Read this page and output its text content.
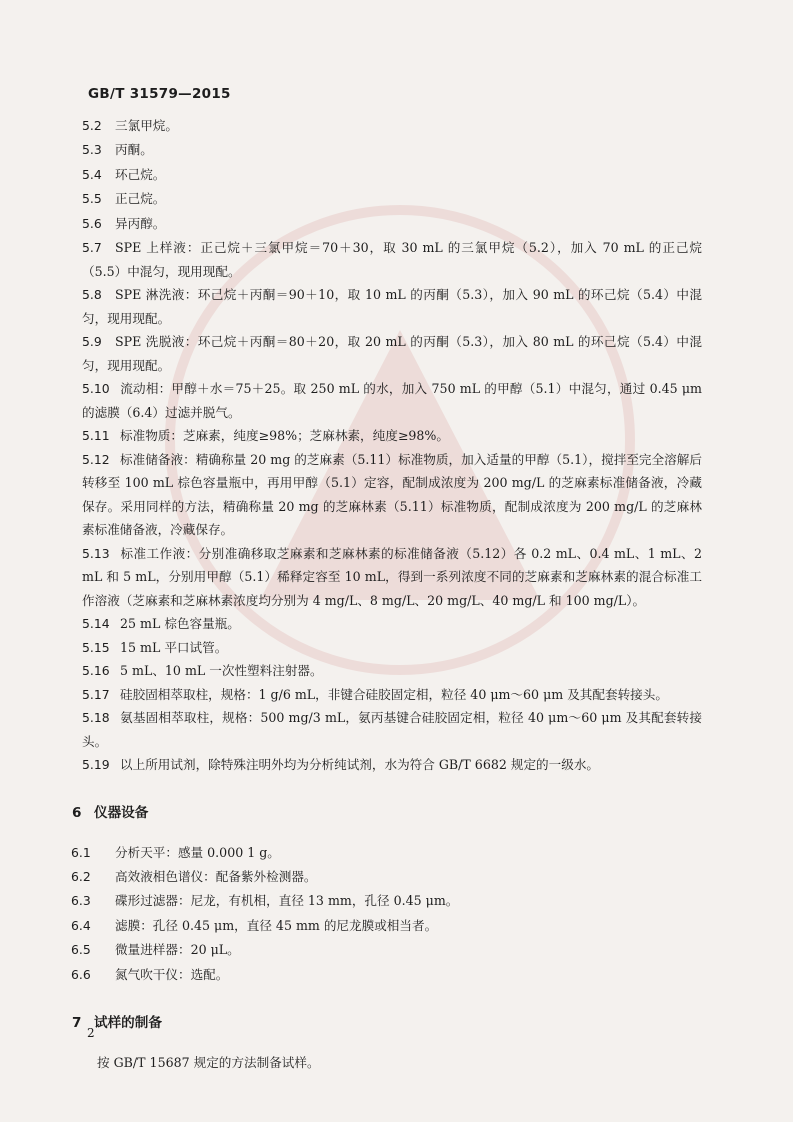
GB/T 31579—2015
5.2 三氯甲烷。
5.3 丙酮。
5.4 环己烷。
5.5 正己烷。
5.6 异丙醇。
5.7 SPE 上样液：正己烷＋三氯甲烷＝70＋30，取 30 mL 的三氯甲烷（5.2），加入 70 mL 的正己烷（5.5）中混匀，现用现配。
5.8 SPE 淋洗液：环己烷＋丙酮＝90＋10，取 10 mL 的丙酮（5.3），加入 90 mL 的环己烷（5.4）中混匀，现用现配。
5.9 SPE 洗脱液：环己烷＋丙酮＝80＋20，取 20 mL 的丙酮（5.3），加入 80 mL 的环己烷（5.4）中混匀，现用现配。
5.10 流动相：甲醇＋水＝75＋25。取 250 mL 的水，加入 750 mL 的甲醇（5.1）中混匀，通过 0.45 μm 的滤膜（6.4）过滤并脱气。
5.11 标准物质：芝麻素，纯度≥98%；芝麻林素，纯度≥98%。
5.12 标准储备液：精确称量 20 mg 的芝麻素（5.11）标准物质，加入适量的甲醇（5.1），搅拌至完全溶解后转移至 100 mL 棕色容量瓶中，再用甲醇（5.1）定容，配制成浓度为 200 mg/L 的芝麻素标准储备液，冷藏保存。采用同样的方法，精确称量 20 mg 的芝麻林素（5.11）标准物质，配制成浓度为 200 mg/L 的芝麻林素标准储备液，冷藏保存。
5.13 标准工作液：分别准确移取芝麻素和芝麻林素的标准储备液（5.12）各 0.2 mL、0.4 mL、1 mL、2 mL 和 5 mL，分别用甲醇（5.1）稀释定容至 10 mL，得到一系列浓度不同的芝麻素和芝麻林素的混合标准工作溶液（芝麻素和芝麻林素浓度均分别为 4 mg/L、8 mg/L、20 mg/L、40 mg/L 和 100 mg/L）。
5.14 25 mL 棕色容量瓶。
5.15 15 mL 平口试管。
5.16 5 mL、10 mL 一次性塑料注射器。
5.17 硅胶固相萃取柱，规格：1 g/6 mL，非键合硅胶固定相，粒径 40 μm～60 μm 及其配套转接头。
5.18 氨基固相萃取柱，规格：500 mg/3 mL，氨丙基键合硅胶固定相，粒径 40 μm～60 μm 及其配套转接头。
5.19 以上所用试剂，除特殊注明外均为分析纯试剂，水为符合 GB/T 6682 规定的一级水。
6 仪器设备
6.1 分析天平：感量 0.000 1 g。
6.2 高效液相色谱仪：配备紫外检测器。
6.3 碟形过滤器：尼龙，有机相，直径 13 mm，孔径 0.45 μm。
6.4 滤膜：孔径 0.45 μm，直径 45 mm 的尼龙膜或相当者。
6.5 微量进样器：20 μL。
6.6 氮气吹干仪：选配。
7 试样的制备
按 GB/T 15687 规定的方法制备试样。
2
